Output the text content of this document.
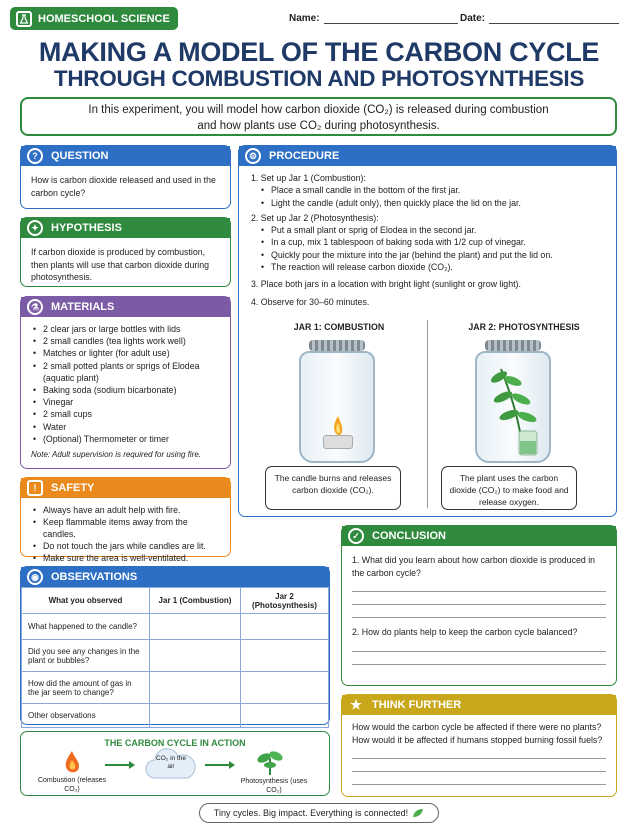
HOMESCHOOL SCIENCE	Name:	Date:
MAKING A MODEL OF THE CARBON CYCLE
THROUGH COMBUSTION AND PHOTOSYNTHESIS
In this experiment, you will model how carbon dioxide (CO₂) is released during combustion
and how plants use CO₂ during photosynthesis.
?	QUESTION
How is carbon dioxide released and used in the carbon cycle?
✦	HYPOTHESIS
If carbon dioxide is produced by combustion, then plants will use that carbon dioxide during photosynthesis.
⚗	MATERIALS
• 2 clear jars or large bottles with lids
• 2 small candles (tea lights work well)
• Matches or lighter (for adult use)
• 2 small potted plants or sprigs of Elodea (aquatic plant)
• Baking soda (sodium bicarbonate)
• Vinegar
• 2 small cups
• Water
• (Optional) Thermometer or timer
Note: Adult supervision is required for using fire.
!	SAFETY
• Always have an adult help with fire.
• Keep flammable items away from the candles.
• Do not touch the jars while candles are lit.
• Make sure the area is well-ventilated.
⚙	PROCEDURE
1. Set up Jar 1 (Combustion):
• Place a small candle in the bottom of the first jar.
• Light the candle (adult only), then quickly place the lid on the jar.
2. Set up Jar 2 (Photosynthesis):
• Put a small plant or sprig of Elodea in the second jar.
• In a cup, mix 1 tablespoon of baking soda with 1/2 cup of vinegar.
• Quickly pour the mixture into the jar (behind the plant) and put the lid on.
• The reaction will release carbon dioxide (CO₂).
3. Place both jars in a location with bright light (sunlight or grow light).
4. Observe for 30–60 minutes.
JAR 1: COMBUSTION	JAR 2: PHOTOSYNTHESIS
The candle burns and releases carbon dioxide (CO₂).
The plant uses the carbon dioxide (CO₂) to make food and release oxygen.
◉	OBSERVATIONS
What you observed	Jar 1 (Combustion)	Jar 2 (Photosynthesis)
What happened to the candle?		
Did you see any changes in the plant or bubbles?		
How did the amount of gas in the jar seem to change?		
Other observations		
THE CARBON CYCLE IN ACTION
Combustion (releases CO₂)
CO₂ in the air
Photosynthesis (uses CO₂)
✓	CONCLUSION
1. What did you learn about how carbon dioxide is produced in the carbon cycle?
2. How do plants help to keep the carbon cycle balanced?
★ THINK FURTHER
How would the carbon cycle be affected if there were no plants? How would it be affected if humans stopped burning fossil fuels?
Tiny cycles. Big impact. Everything is connected!
